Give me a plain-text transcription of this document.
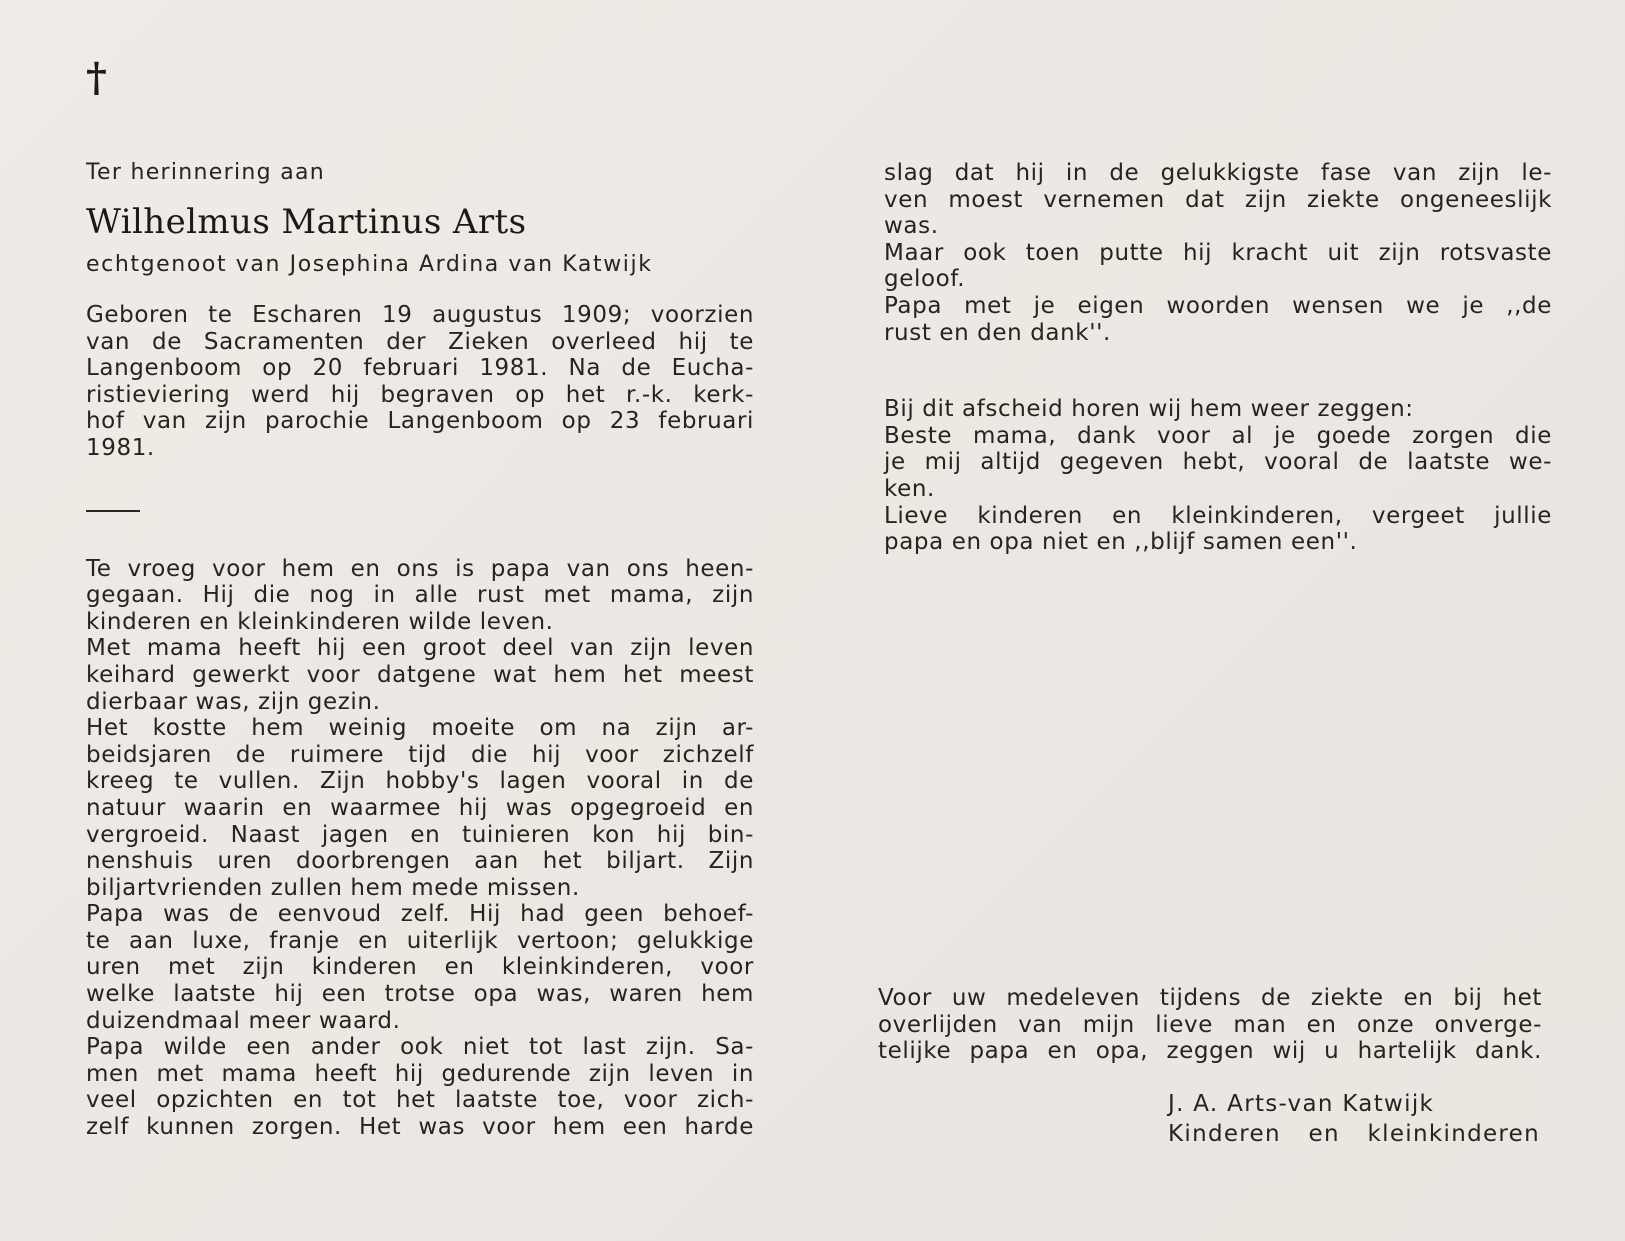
†
Ter herinnering aan
Wilhelmus Martinus Arts
echtgenoot van Josephina Ardina van Katwijk
Geboren te Escharen 19 augustus 1909; voorzien
van de Sacramenten der Zieken overleed hij te
Langenboom op 20 februari 1981. Na de Eucha-
ristieviering werd hij begraven op het r.-k. kerk-
hof van zijn parochie Langenboom op 23 februari
1981.
Te vroeg voor hem en ons is papa van ons heen-
gegaan. Hij die nog in alle rust met mama, zijn
kinderen en kleinkinderen wilde leven.
Met mama heeft hij een groot deel van zijn leven
keihard gewerkt voor datgene wat hem het meest
dierbaar was, zijn gezin.
Het kostte hem weinig moeite om na zijn ar-
beidsjaren de ruimere tijd die hij voor zichzelf
kreeg te vullen. Zijn hobby's lagen vooral in de
natuur waarin en waarmee hij was opgegroeid en
vergroeid. Naast jagen en tuinieren kon hij bin-
nenshuis uren doorbrengen aan het biljart. Zijn
biljartvrienden zullen hem mede missen.
Papa was de eenvoud zelf. Hij had geen behoef-
te aan luxe, franje en uiterlijk vertoon; gelukkige
uren met zijn kinderen en kleinkinderen, voor
welke laatste hij een trotse opa was, waren hem
duizendmaal meer waard.
Papa wilde een ander ook niet tot last zijn. Sa-
men met mama heeft hij gedurende zijn leven in
veel opzichten en tot het laatste toe, voor zich-
zelf kunnen zorgen. Het was voor hem een harde
slag dat hij in de gelukkigste fase van zijn le-
ven moest vernemen dat zijn ziekte ongeneeslijk
was.
Maar ook toen putte hij kracht uit zijn rotsvaste
geloof.
Papa met je eigen woorden wensen we je ,,de
rust en den dank''.
Bij dit afscheid horen wij hem weer zeggen:
Beste mama, dank voor al je goede zorgen die
je mij altijd gegeven hebt, vooral de laatste we-
ken.
Lieve kinderen en kleinkinderen, vergeet jullie
papa en opa niet en ,,blijf samen een''.
Voor uw medeleven tijdens de ziekte en bij het
overlijden van mijn lieve man en onze onverge-
telijke papa en opa, zeggen wij u hartelijk dank.
J. A. Arts-van Katwijk
Kinderen en kleinkinderen
